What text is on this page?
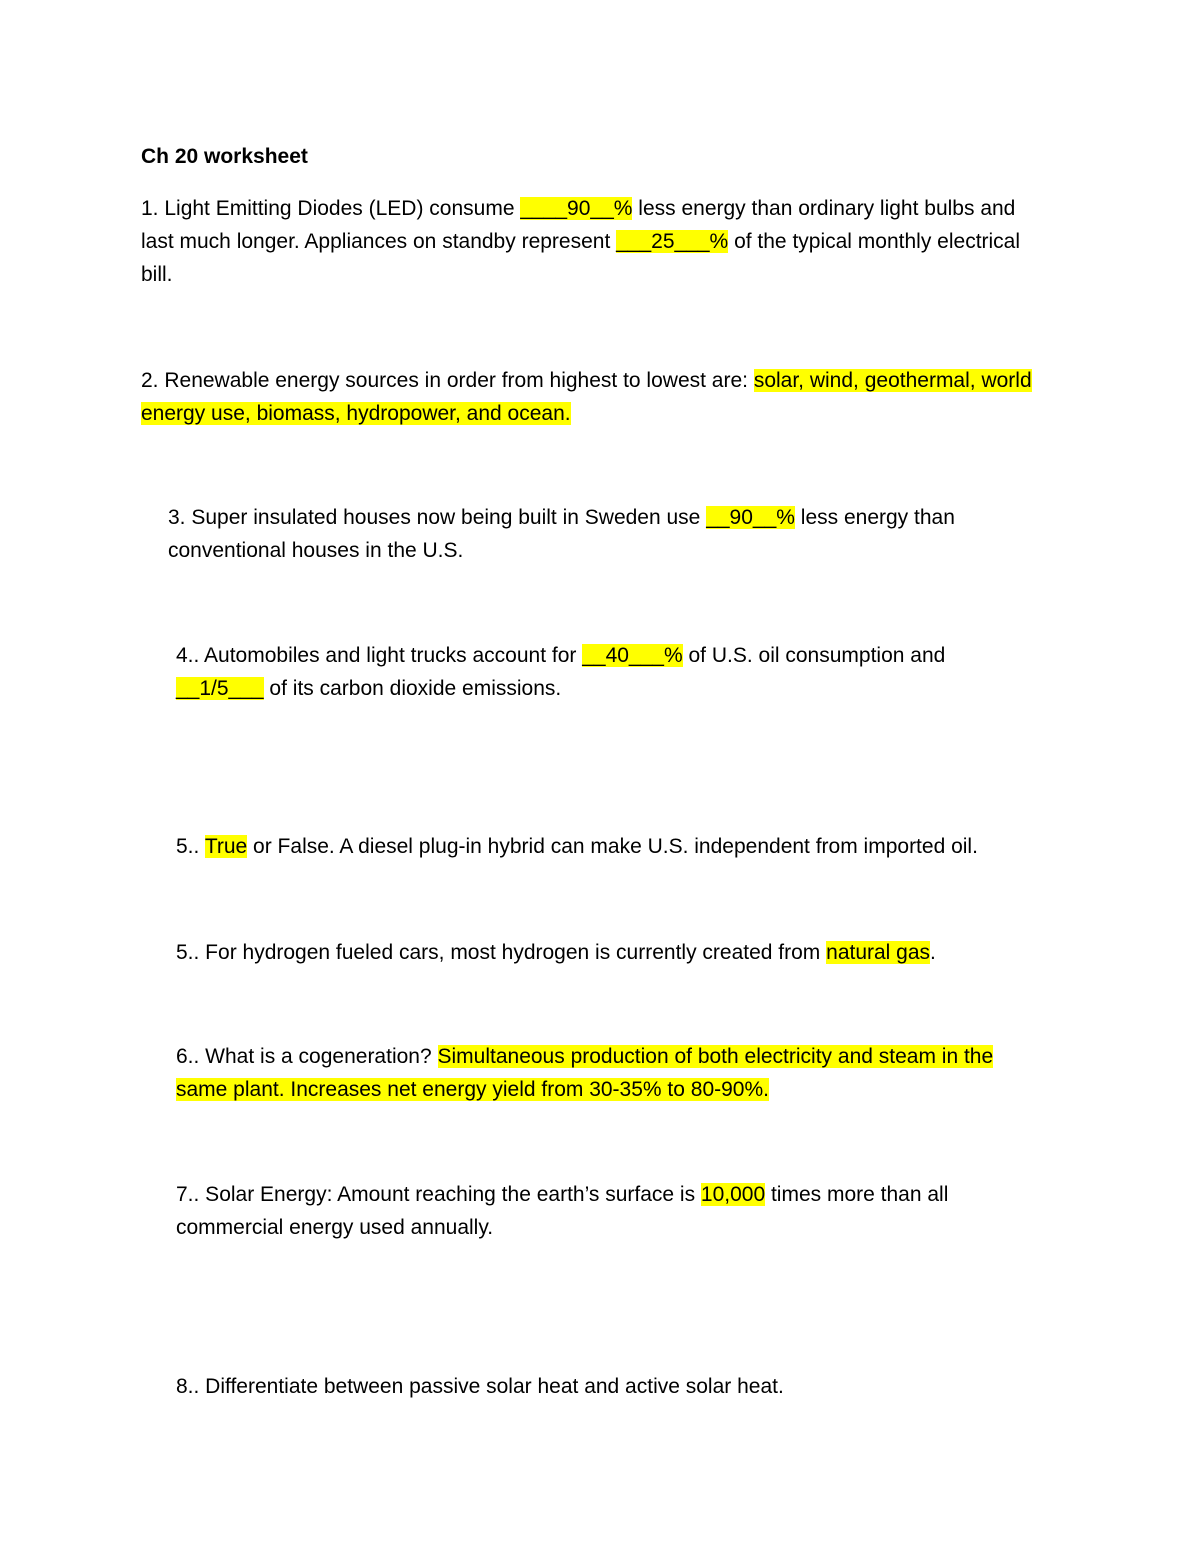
Ch 20 worksheet
1. Light Emitting Diodes (LED) consume ____90__% less energy than ordinary light bulbs and
last much longer. Appliances on standby represent ___25___% of the typical monthly electrical
bill.
2. Renewable energy sources in order from highest to lowest are: solar, wind, geothermal, world
energy use, biomass, hydropower, and ocean.
3. Super insulated houses now being built in Sweden use __90__% less energy than
conventional houses in the U.S.
4.. Automobiles and light trucks account for __40___% of U.S. oil consumption and
__1/5___ of its carbon dioxide emissions.
5.. True or False. A diesel plug-in hybrid can make U.S. independent from imported oil.
5.. For hydrogen fueled cars, most hydrogen is currently created from natural gas.
6.. What is a cogeneration? Simultaneous production of both electricity and steam in the
same plant. Increases net energy yield from 30-35% to 80-90%.
7.. Solar Energy: Amount reaching the earth’s surface is 10,000 times more than all
commercial energy used annually.
8.. Differentiate between passive solar heat and active solar heat.
